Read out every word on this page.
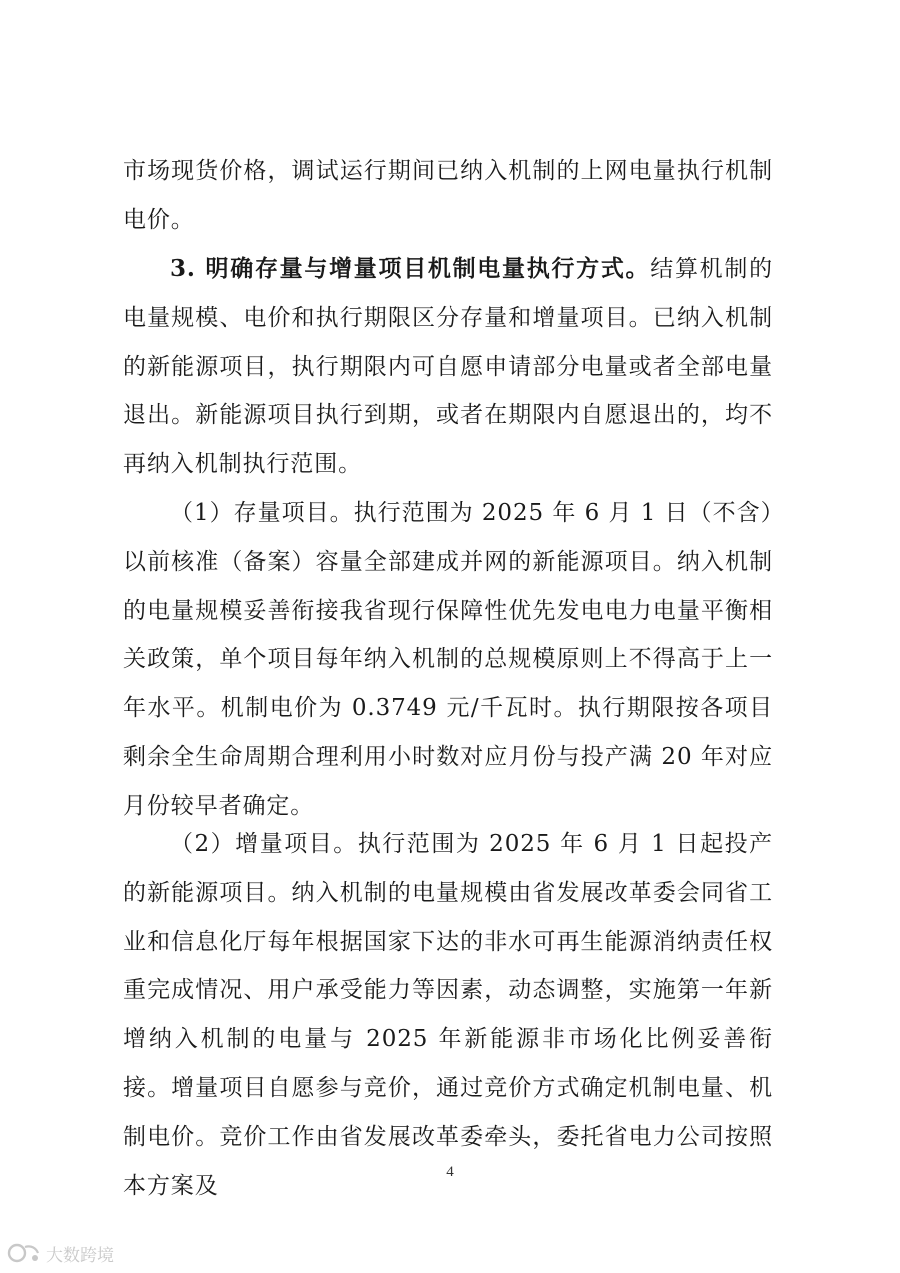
市场现货价格，调试运行期间已纳入机制的上网电量执行机制电价。

3. 明确存量与增量项目机制电量执行方式。结算机制的电量规模、电价和执行期限区分存量和增量项目。已纳入机制的新能源项目，执行期限内可自愿申请部分电量或者全部电量退出。新能源项目执行到期，或者在期限内自愿退出的，均不再纳入机制执行范围。

（1）存量项目。执行范围为 2025 年 6 月 1 日（不含）以前核准（备案）容量全部建成并网的新能源项目。纳入机制的电量规模妥善衔接我省现行保障性优先发电电力电量平衡相关政策，单个项目每年纳入机制的总规模原则上不得高于上一年水平。机制电价为 0.3749 元/千瓦时。执行期限按各项目剩余全生命周期合理利用小时数对应月份与投产满 20 年对应月份较早者确定。

（2）增量项目。执行范围为 2025 年 6 月 1 日起投产的新能源项目。纳入机制的电量规模由省发展改革委会同省工业和信息化厅每年根据国家下达的非水可再生能源消纳责任权重完成情况、用户承受能力等因素，动态调整，实施第一年新增纳入机制的电量与 2025 年新能源非市场化比例妥善衔接。增量项目自愿参与竞价，通过竞价方式确定机制电量、机制电价。竞价工作由省发展改革委牵头，委托省电力公司按照本方案及

4
大数跨境
